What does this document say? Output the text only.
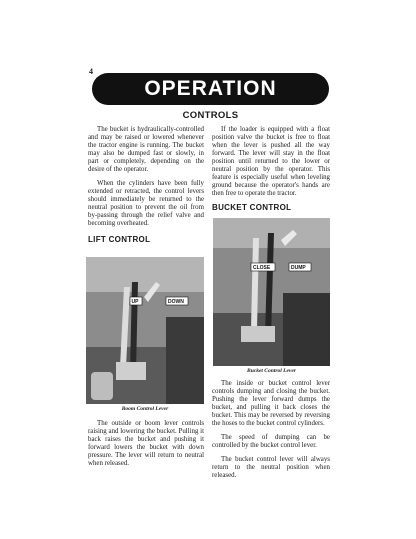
4
OPERATION
CONTROLS

The bucket is hydraulically-controlled and may be raised or lowered whenever the tractor engine is running. The bucket may also be dumped fast or slowly, in part or completely, depending on the desire of the operator.

When the cylinders have been fully extended or retracted, the control levers should immediately be returned to the neutral position to prevent the oil from by-passing through the relief valve and becoming overheated.

LIFT CONTROL
UP	DOWN
Boom Control Lever

The outside or boom lever controls raising and lowering the bucket. Pulling it back raises the bucket and pushing it forward lowers the bucket with down pressure. The lever will return to neutral when released.

If the loader is equipped with a float position valve the bucket is free to float when the lever is pushed all the way forward. The lever will stay in the float position until returned to the lower or neutral position by the operator. This feature is especially useful when leveling ground because the operator's hands are then free to operate the tractor.

BUCKET CONTROL
CLOSE	DUMP
Bucket Control Lever

The inside or bucket control lever controls dumping and closing the bucket. Pushing the lever forward dumps the bucket, and pulling it back closes the bucket. This may be reversed by reversing the hoses to the bucket control cylinders.

The speed of dumping can be controlled by the bucket control lever.

The bucket control lever will always return to the neutral position when released.
